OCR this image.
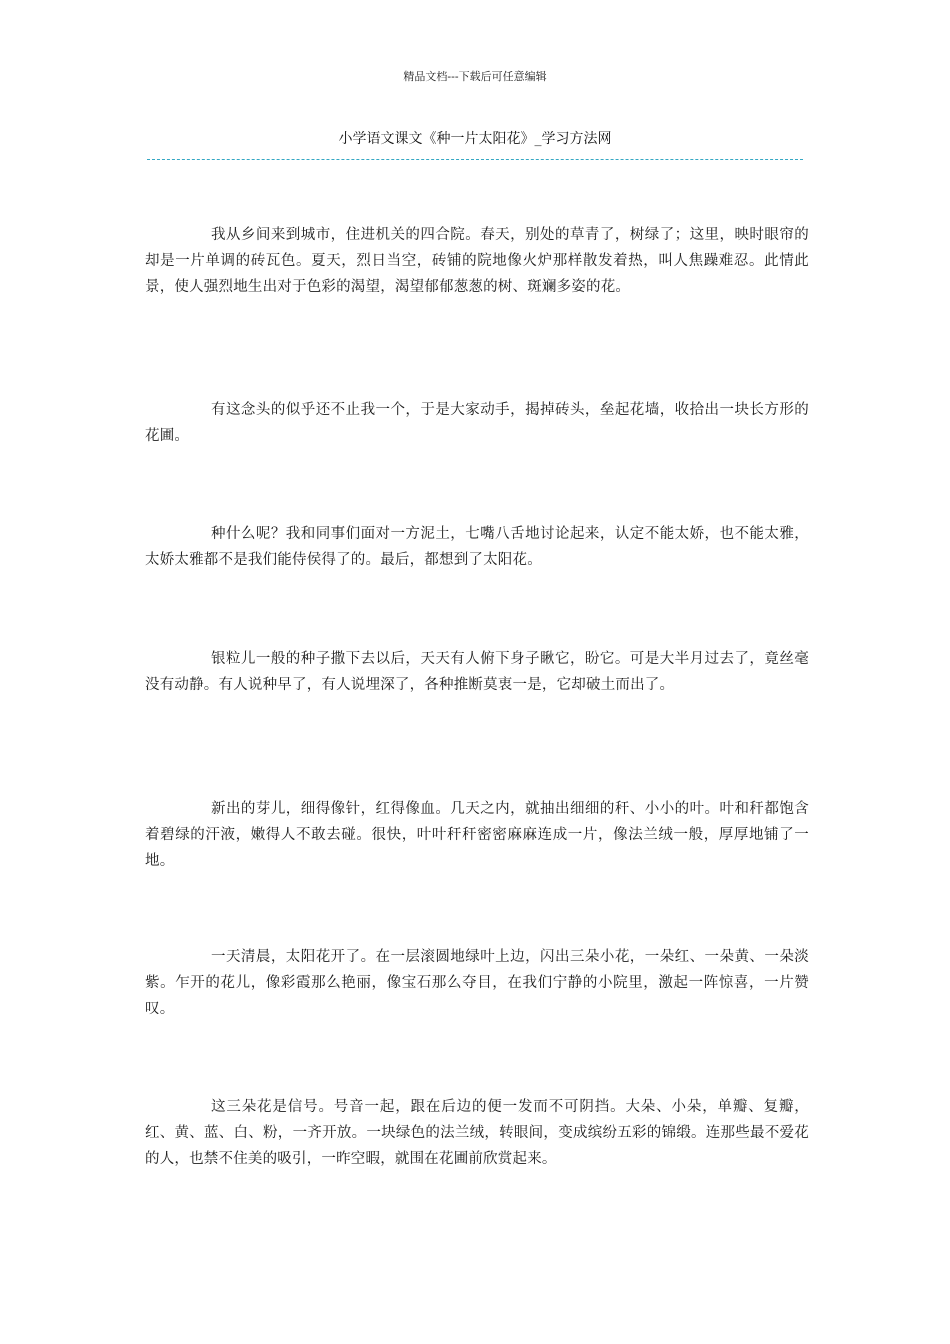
精品文档---下载后可任意编辑
小学语文课文《种一片太阳花》_学习方法网

我从乡间来到城市，住进机关的四合院。春天，别处的草青了，树绿了；这里，映时眼帘的却是一片单调的砖瓦色。夏天，烈日当空，砖铺的院地像火炉那样散发着热，叫人焦躁难忍。此情此景，使人强烈地生出对于色彩的渴望，渴望郁郁葱葱的树、斑斓多姿的花。

有这念头的似乎还不止我一个，于是大家动手，揭掉砖头，垒起花墙，收拾出一块长方形的花圃。

种什么呢？我和同事们面对一方泥土，七嘴八舌地讨论起来，认定不能太娇，也不能太雅，太娇太雅都不是我们能侍侯得了的。最后，都想到了太阳花。

银粒儿一般的种子撒下去以后，天天有人俯下身子瞅它，盼它。可是大半月过去了，竟丝毫没有动静。有人说种早了，有人说埋深了，各种推断莫衷一是，它却破土而出了。

新出的芽儿，细得像针，红得像血。几天之内，就抽出细细的秆、小小的叶。叶和秆都饱含着碧绿的汗液，嫩得人不敢去碰。很快，叶叶秆秆密密麻麻连成一片，像法兰绒一般，厚厚地铺了一地。

一天清晨，太阳花开了。在一层滚圆地绿叶上边，闪出三朵小花，一朵红、一朵黄、一朵淡紫。乍开的花儿，像彩霞那么艳丽，像宝石那么夺目，在我们宁静的小院里，激起一阵惊喜，一片赞叹。

这三朵花是信号。号音一起，跟在后边的便一发而不可阴挡。大朵、小朵，单瓣、复瓣，红、黄、蓝、白、粉，一齐开放。一块绿色的法兰绒，转眼间，变成缤纷五彩的锦缎。连那些最不爱花的人，也禁不住美的吸引，一昨空暇，就围在花圃前欣赏起来。
